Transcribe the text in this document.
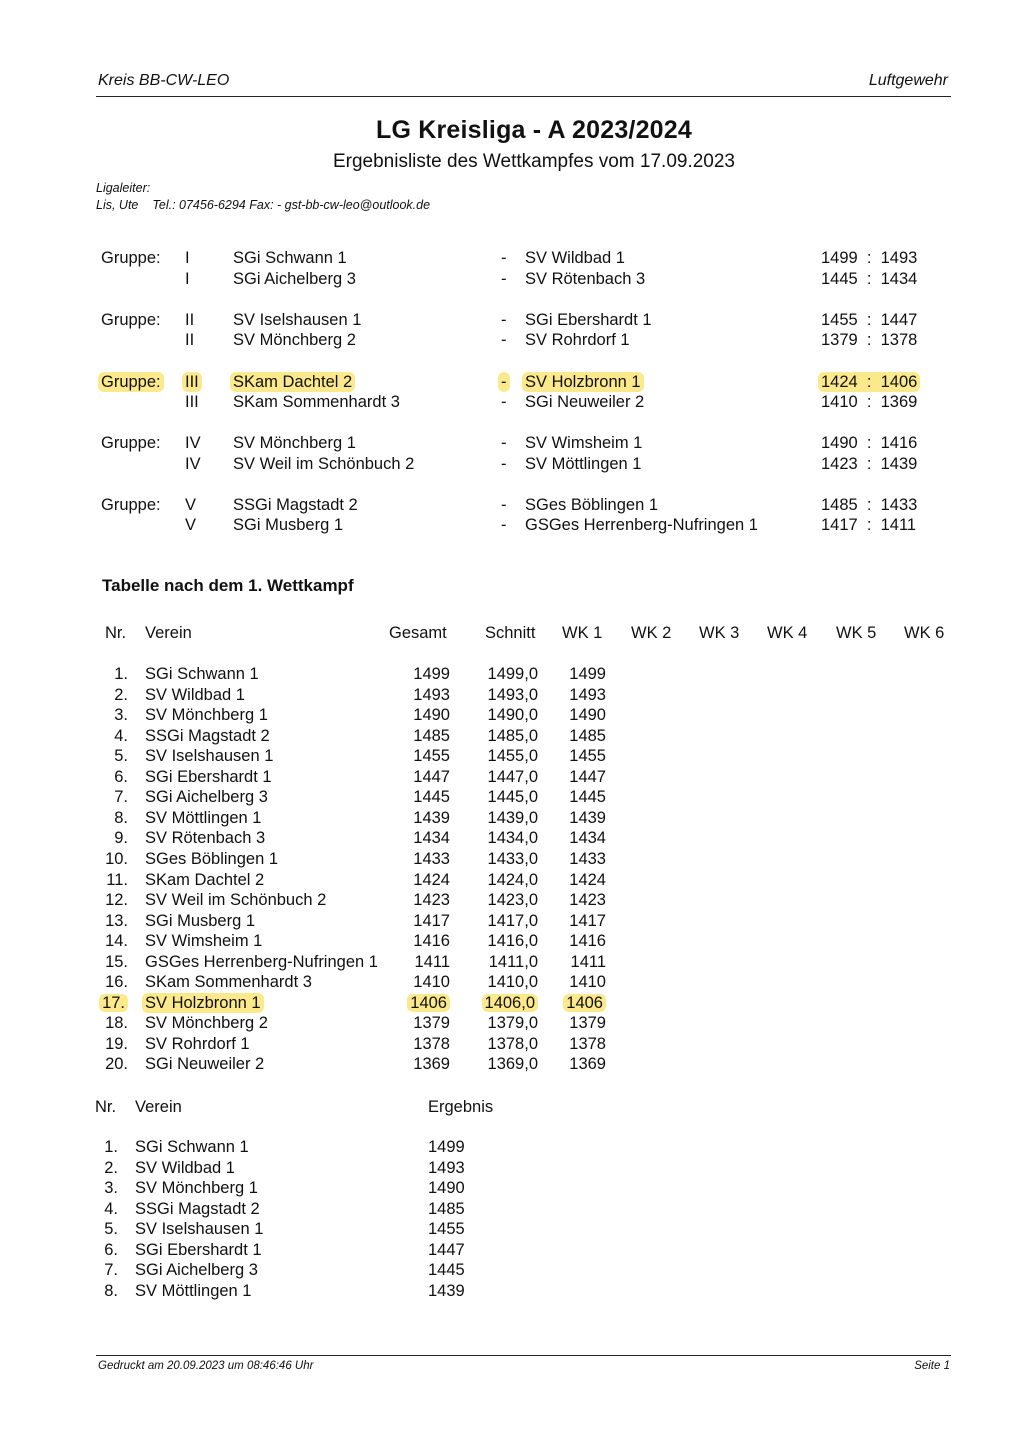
Kreis BB-CW-LEO	Luftgewehr
LG Kreisliga - A 2023/2024
Ergebnisliste des Wettkampfes vom 17.09.2023
Ligaleiter:
Lis, Ute Tel.: 07456-6294 Fax: - gst-bb-cw-leo@outlook.de
Gruppe: I	SGi Schwann 1	- SV Wildbad 1	1499  :  1493
I	SGi Aichelberg 3	- SV Rötenbach 3	1445  :  1434
Gruppe: II SV Iselshausen 1	- SGi Ebershardt 1	1455  :  1447
II SV Mönchberg 2	- SV Rohrdorf 1	1379  :  1378
Gruppe: III SKam Dachtel 2	- SV Holzbronn 1	1424  :  1406
III SKam Sommenhardt 3	- SGi Neuweiler 2	1410  :  1369
Gruppe: IV SV Mönchberg 1	- SV Wimsheim 1	1490  :  1416
IV SV Weil im Schönbuch 2	- SV Möttlingen 1	1423  :  1439
Gruppe: V SSGi Magstadt 2	- SGes Böblingen 1	1485  :  1433
V SGi Musberg 1	- GSGes Herrenberg-Nufringen 1	1417  :  1411
Tabelle nach dem 1. Wettkampf
Nr. Verein	Gesamt Schnitt WK 1 WK 2 WK 3 WK 4 WK 5 WK 6
1. SGi Schwann 1	1499	1499,0	1499
2. SV Wildbad 1	1493	1493,0	1493
3. SV Mönchberg 1	1490	1490,0	1490
4. SSGi Magstadt 2	1485	1485,0	1485
5. SV Iselshausen 1	1455	1455,0	1455
6. SGi Ebershardt 1	1447	1447,0	1447
7. SGi Aichelberg 3	1445	1445,0	1445
8. SV Möttlingen 1	1439	1439,0	1439
9. SV Rötenbach 3	1434	1434,0	1434
10. SGes Böblingen 1	1433	1433,0	1433
11. SKam Dachtel 2	1424	1424,0	1424
12. SV Weil im Schönbuch 2	1423	1423,0	1423
13. SGi Musberg 1	1417	1417,0	1417
14. SV Wimsheim 1	1416	1416,0	1416
15. GSGes Herrenberg-Nufringen 1	1411	1411,0	1411
16. SKam Sommenhardt 3	1410	1410,0	1410
17. SV Holzbronn 1	1406 1406,0	1406
18. SV Mönchberg 2	1379	1379,0	1379
19. SV Rohrdorf 1	1378	1378,0	1378
20. SGi Neuweiler 2	1369	1369,0	1369
Nr. Verein	Ergebnis
1. SGi Schwann 1	1499
2. SV Wildbad 1	1493
3. SV Mönchberg 1	1490
4. SSGi Magstadt 2	1485
5. SV Iselshausen 1	1455
6. SGi Ebershardt 1	1447
7. SGi Aichelberg 3	1445
8. SV Möttlingen 1	1439
Gedruckt am 20.09.2023 um 08:46:46 Uhr	Seite 1
